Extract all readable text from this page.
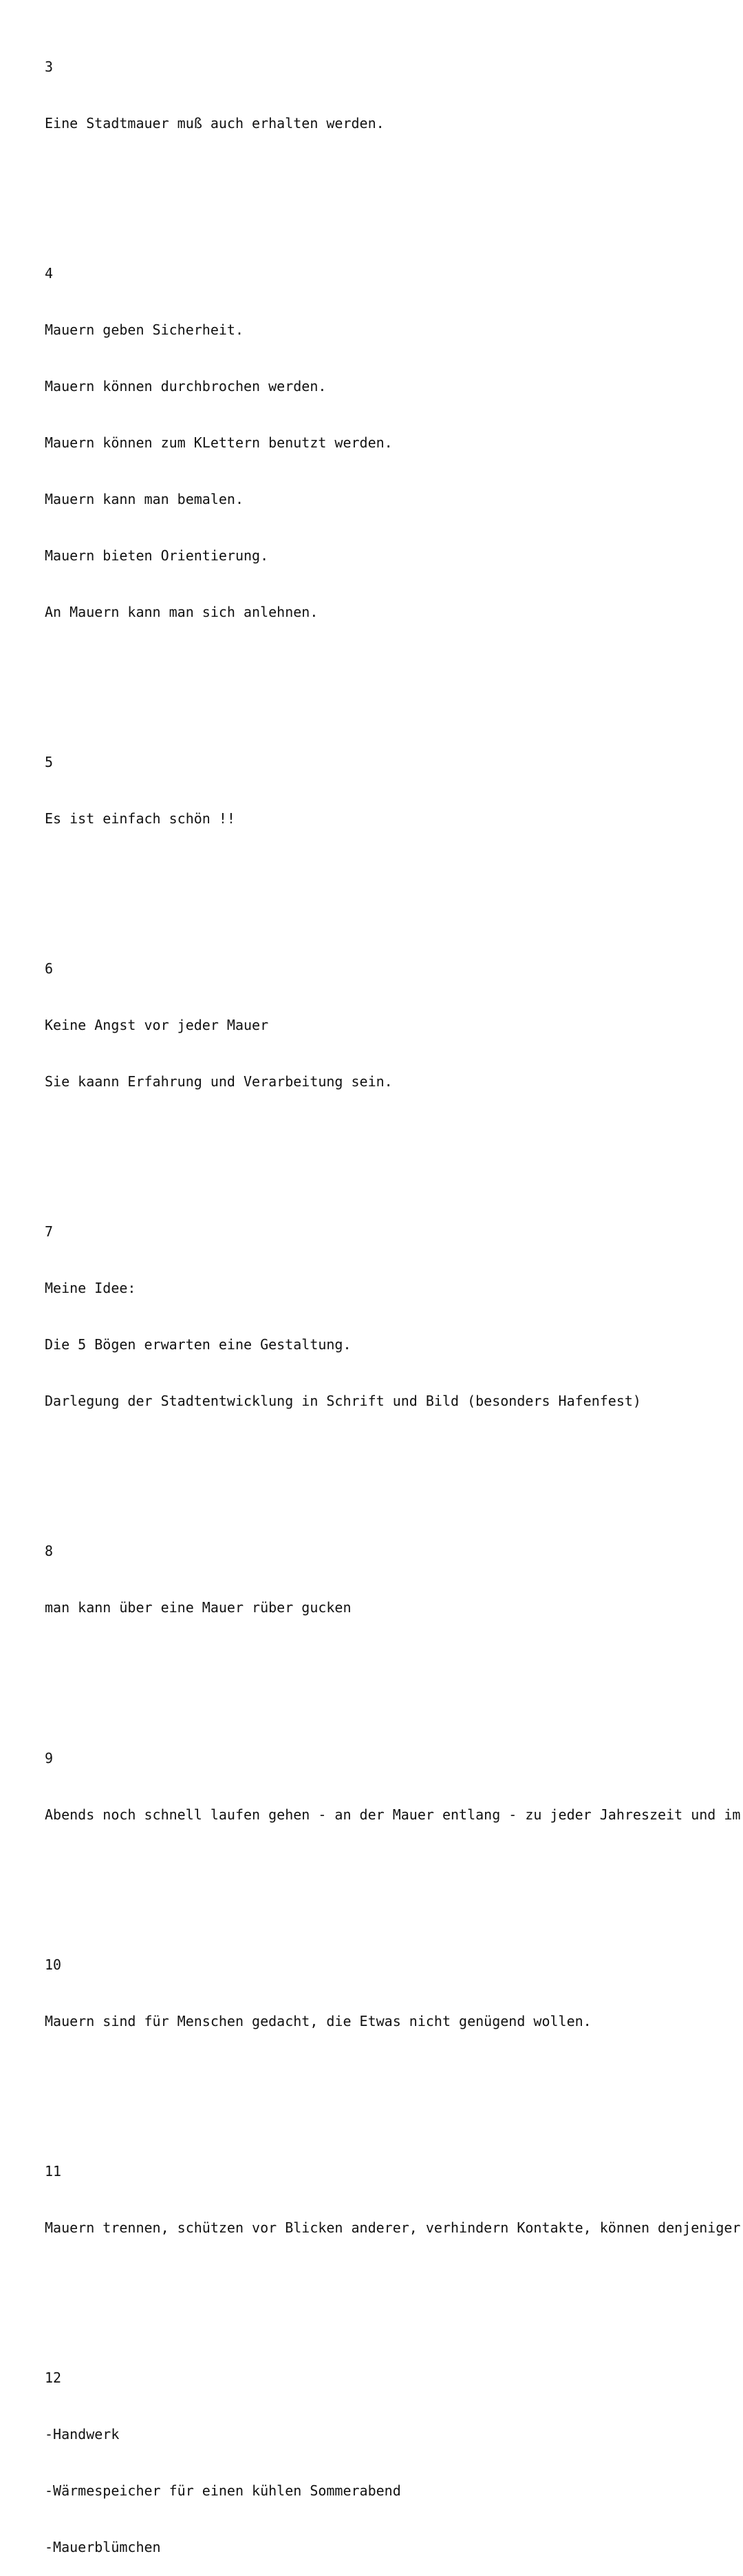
3

Eine Stadtmauer muß auch erhalten werden.

4

Mauern geben Sicherheit.

Mauern können durchbrochen werden.

Mauern können zum KLettern benutzt werden.

Mauern kann man bemalen.

Mauern bieten Orientierung.

An Mauern kann man sich anlehnen.

5

Es ist einfach schön !!

6

Keine Angst vor jeder Mauer

Sie kaann Erfahrung und Verarbeitung sein.

7

Meine Idee:

Die 5 Bögen erwarten eine Gestaltung.

Darlegung der Stadtentwicklung in Schrift und Bild (besonders Hafenfest)

8

man kann über eine Mauer rüber gucken

9

Abends noch schnell laufen gehen - an der Mauer entlang - zu jeder Jahreszeit und im

10

Mauern sind für Menschen gedacht, die Etwas nicht genügend wollen.

11

Mauern trennen, schützen vor Blicken anderer, verhindern Kontakte, können denjeniger

12

-Handwerk

-Wärmespeicher für einen kühlen Sommerabend

-Mauerblümchen
